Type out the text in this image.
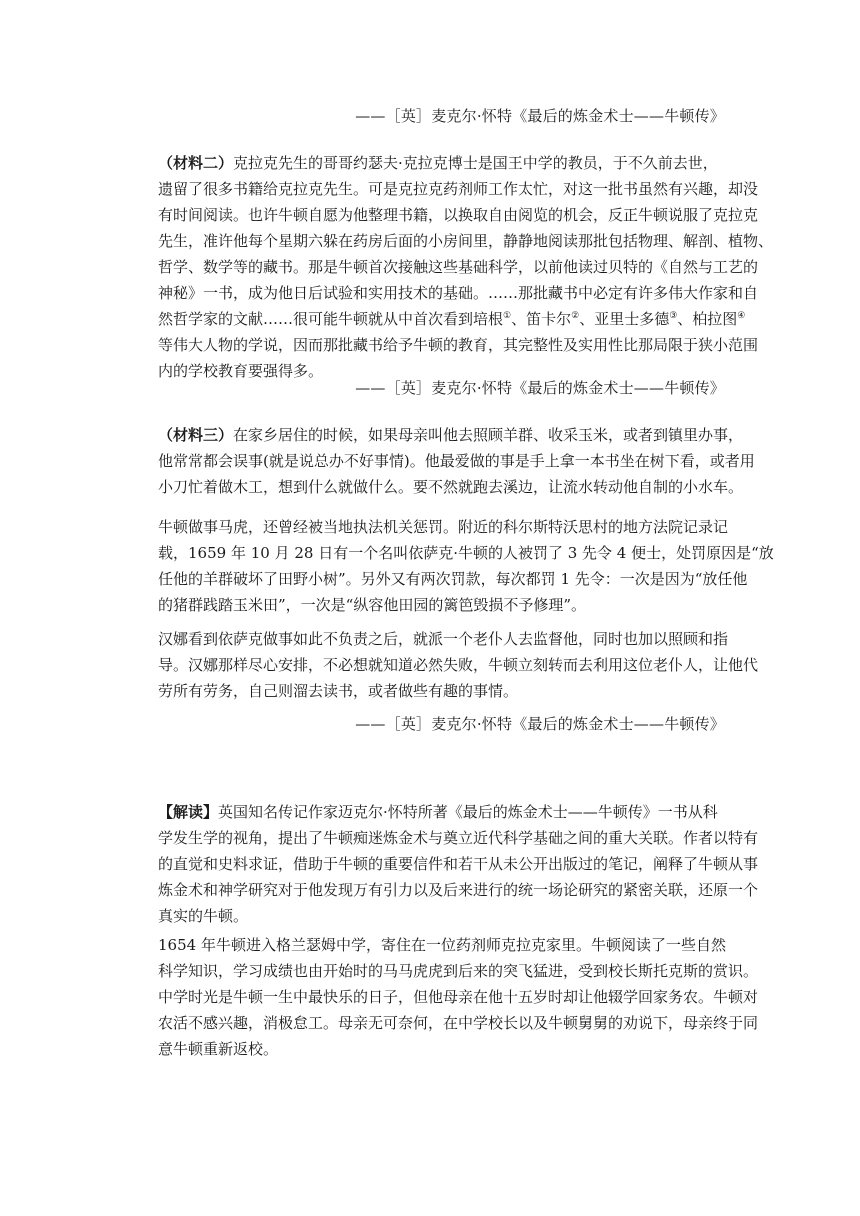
——［英］麦克尔·怀特《最后的炼金术士——牛顿传》
（材料二）克拉克先生的哥哥约瑟夫·克拉克博士是国王中学的教员，于不久前去世，
遗留了很多书籍给克拉克先生。可是克拉克药剂师工作太忙，对这一批书虽然有兴趣，却没
有时间阅读。也许牛顿自愿为他整理书籍，以换取自由阅览的机会，反正牛顿说服了克拉克
先生，准许他每个星期六躲在药房后面的小房间里，静静地阅读那批包括物理、解剖、植物、
哲学、数学等的藏书。那是牛顿首次接触这些基础科学，以前他读过贝特的《自然与工艺的
神秘》一书，成为他日后试验和实用技术的基础。……那批藏书中必定有许多伟大作家和自
然哲学家的文献……很可能牛顿就从中首次看到培根①、笛卡尔②、亚里士多德③、柏拉图④
等伟大人物的学说，因而那批藏书给予牛顿的教育，其完整性及实用性比那局限于狭小范围
内的学校教育要强得多。
——［英］麦克尔·怀特《最后的炼金术士——牛顿传》
（材料三）在家乡居住的时候，如果母亲叫他去照顾羊群、收采玉米，或者到镇里办事，
他常常都会误事(就是说总办不好事情)。他最爱做的事是手上拿一本书坐在树下看，或者用
小刀忙着做木工，想到什么就做什么。要不然就跑去溪边，让流水转动他自制的小水车。
牛顿做事马虎，还曾经被当地执法机关惩罚。附近的科尔斯特沃思村的地方法院记录记
载，1659 年 10 月 28 日有一个名叫依萨克·牛顿的人被罚了 3 先令 4 便士，处罚原因是“放
任他的羊群破坏了田野小树”。另外又有两次罚款，每次都罚 1 先令：一次是因为“放任他
的猪群践踏玉米田”，一次是“纵容他田园的篱笆毁损不予修理”。
汉娜看到依萨克做事如此不负责之后，就派一个老仆人去监督他，同时也加以照顾和指
导。汉娜那样尽心安排，不必想就知道必然失败，牛顿立刻转而去利用这位老仆人，让他代
劳所有劳务，自己则溜去读书，或者做些有趣的事情。
——［英］麦克尔·怀特《最后的炼金术士——牛顿传》
【解读】英国知名传记作家迈克尔·怀特所著《最后的炼金术士——牛顿传》一书从科
学发生学的视角，提出了牛顿痴迷炼金术与奠立近代科学基础之间的重大关联。作者以特有
的直觉和史料求证，借助于牛顿的重要信件和若干从未公开出版过的笔记，阐释了牛顿从事
炼金术和神学研究对于他发现万有引力以及后来进行的统一场论研究的紧密关联，还原一个
真实的牛顿。
1654 年牛顿进入格兰瑟姆中学，寄住在一位药剂师克拉克家里。牛顿阅读了一些自然
科学知识，学习成绩也由开始时的马马虎虎到后来的突飞猛进，受到校长斯托克斯的赏识。
中学时光是牛顿一生中最快乐的日子，但他母亲在他十五岁时却让他辍学回家务农。牛顿对
农活不感兴趣，消极怠工。母亲无可奈何，在中学校长以及牛顿舅舅的劝说下，母亲终于同
意牛顿重新返校。
